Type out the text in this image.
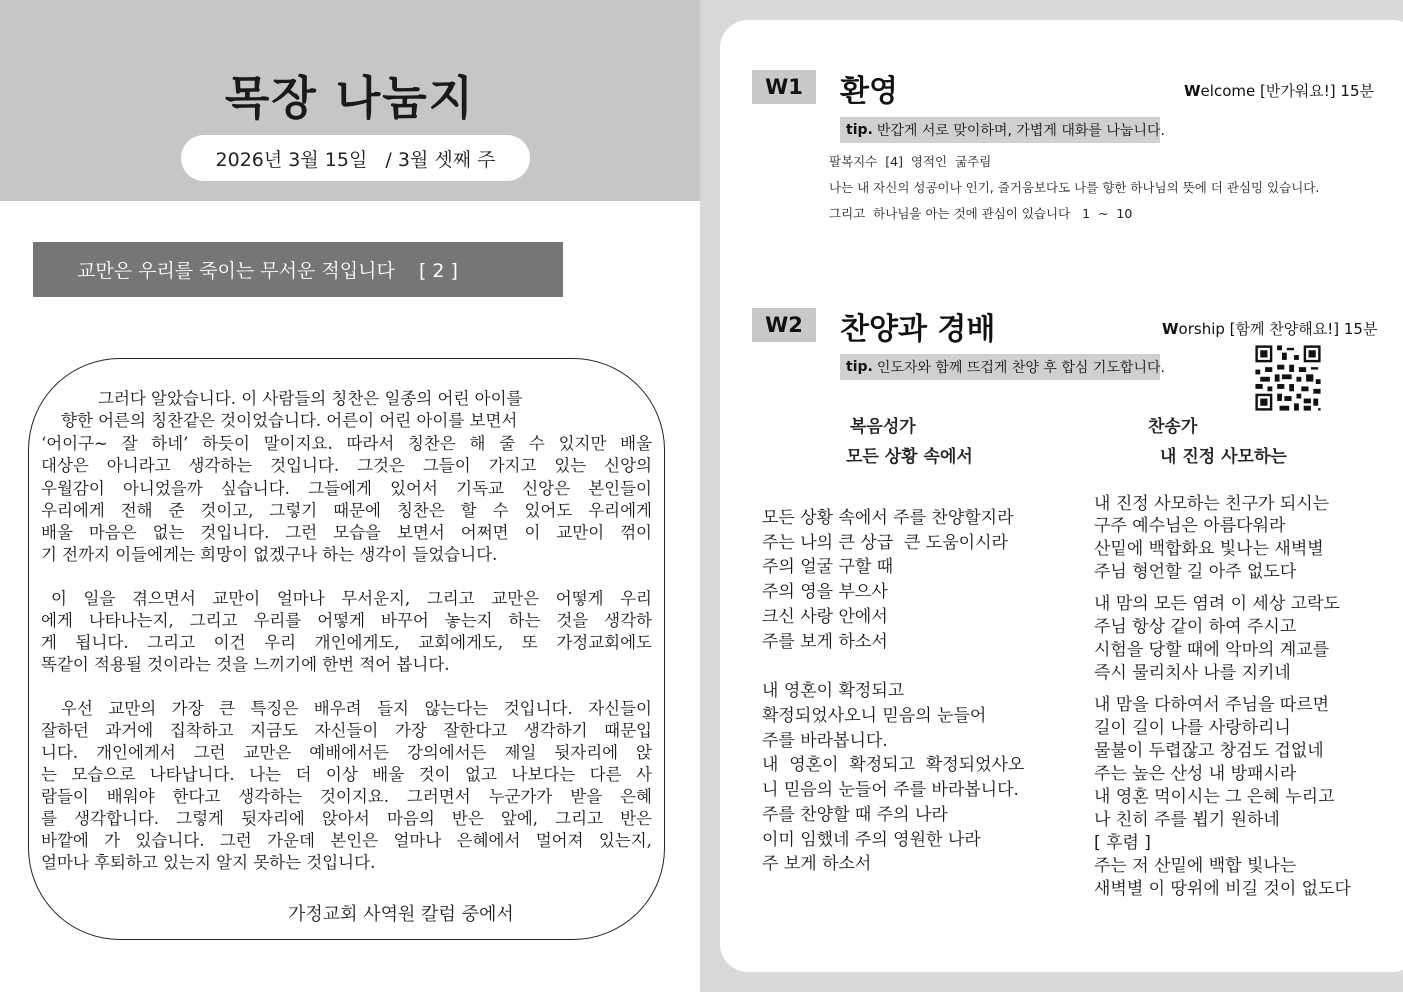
목장 나눔지
2026년 3월 15일   / 3월 셋째 주
교만은 우리를 죽이는 무서운 적입니다    [ 2 ]
그러다 알았습니다. 이 사람들의 칭찬은 일종의 어린 아이를
향한 어른의 칭찬같은 것이었습니다. 어른이 어린 아이를 보면서
‘어이구~ 잘 하네’ 하듯이 말이지요. 따라서 칭찬은 해 줄 수 있지만 배울
대상은 아니라고 생각하는 것입니다. 그것은 그들이 가지고 있는 신앙의
우월감이 아니었을까 싶습니다. 그들에게 있어서 기독교 신앙은 본인들이
우리에게 전해 준 것이고, 그렇기 때문에 칭찬은 할 수 있어도 우리에게
배울 마음은 없는 것입니다. 그런 모습을 보면서 어쩌면 이 교만이 꺾이
기 전까지 이들에게는 희망이 없겠구나 하는 생각이 들었습니다.
이 일을 겪으면서 교만이 얼마나 무서운지, 그리고 교만은 어떻게 우리
에게 나타나는지, 그리고 우리를 어떻게 바꾸어 놓는지 하는 것을 생각하
게 됩니다. 그리고 이건 우리 개인에게도, 교회에게도, 또 가정교회에도
똑같이 적용될 것이라는 것을 느끼기에 한번 적어 봅니다.
우선 교만의 가장 큰 특징은 배우려 들지 않는다는 것입니다. 자신들이
잘하던 과거에 집착하고 지금도 자신들이 가장 잘한다고 생각하기 때문입
니다. 개인에게서 그런 교만은 예배에서든 강의에서든 제일 뒷자리에 앉
는 모습으로 나타납니다. 나는 더 이상 배울 것이 없고 나보다는 다른 사
람들이 배워야 한다고 생각하는 것이지요. 그러면서 누군가가 받을 은혜
를 생각합니다. 그렇게 뒷자리에 앉아서 마음의 반은 앞에, 그리고 반은
바깥에 가 있습니다. 그런 가운데 본인은 얼마나 은혜에서 멀어져 있는지,
얼마나 후퇴하고 있는지 알지 못하는 것입니다.
가정교회 사역원 칼럼 중에서
W1	환영	Welcome [반가워요!] 15분
tip. 반갑게 서로 맞이하며, 가볍게 대화를 나눕니다.
팔복지수  [4]  영적인  굶주림
나는 내 자신의 성공이나 인기, 즐거움보다도 나를 향한 하나님의 뜻에 더 관심밍 있습니다.
그리고  하나님을 아는 것에 관심이 있습니다   1  ~  10
W2	찬양과 경배	Worship [함께 찬양해요!] 15분
tip. 인도자와 함께 뜨겁게 찬양 후 합심 기도합니다.
복음성가
모든 상황 속에서
모든 상황 속에서 주를 찬양할지라
주는 나의 큰 상급  큰 도움이시라
주의 얼굴 구할 때
주의 영을 부으사
크신 사랑 안에서
주를 보게 하소서
내 영혼이 확정되고
확정되었사오니 믿음의 눈들어
주를 바라봅니다.
내  영혼이  확정되고  확정되었사오
니 믿음의 눈들어 주를 바라봅니다.
주를 찬양할 때 주의 나라
이미 임했네 주의 영원한 나라
주 보게 하소서
찬송가
내 진정 사모하는
내 진정 사모하는 친구가 되시는
구주 예수님은 아름다워라
산밑에 백합화요 빛나는 새벽별
주님 형언할 길 아주 없도다
내 맘의 모든 염려 이 세상 고락도
주님 항상 같이 하여 주시고
시험을 당할 때에 악마의 계교를
즉시 물리치사 나를 지키네
내 맘을 다하여서 주님을 따르면
길이 길이 나를 사랑하리니
물불이 두렵잖고 창검도 겁없네
주는 높은 산성 내 방패시라
내 영혼 먹이시는 그 은혜 누리고
나 친히 주를 뵙기 원하네
[ 후렴 ]
주는 저 산밑에 백합 빛나는
새벽별 이 땅위에 비길 것이 없도다
